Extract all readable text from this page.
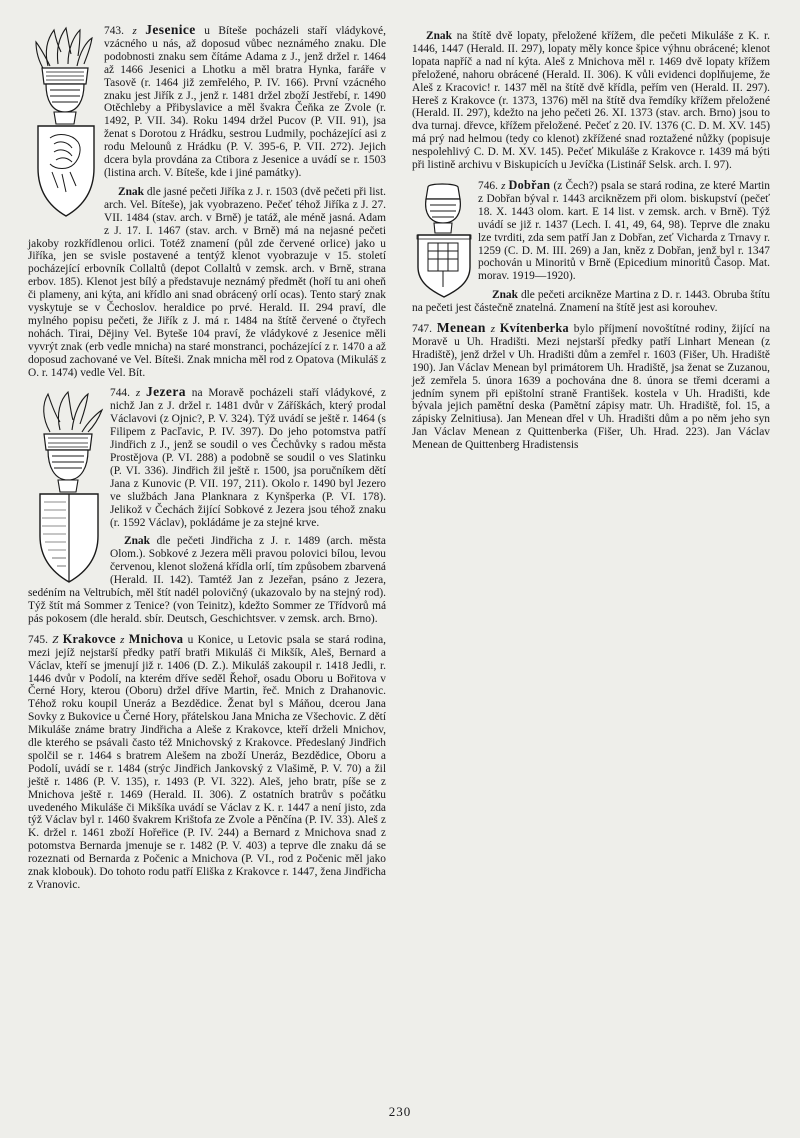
743. z Jesenice u Bíteše pocházeli staří vládykové, vzácného u nás, až doposud vůbec neznámého znaku. Dle podobnosti znaku sem čítáme Adama z J., jenž držel r. 1464 až 1466 Jesenici a Lhotku a měl bratra Hynka, faráře v Tasově (r. 1464 již zemřelého, P. IV. 166). První vzácného znaku jest Jiřík z J., jenž r. 1481 držel zboží Jestřebí, r. 1490 Otěchleby a Přibyslavice a měl švakra Čeňka ze Zvole (r. 1492, P. VII. 34). Roku 1494 držel Pucov (P. VII. 91), jsa ženat s Dorotou z Hrádku, sestrou Ludmily, pocházející asi z rodu Melounů z Hrádku (P. V. 395-6, P. VII. 272). Jejich dcera byla provdána za Ctibora z Jesenice a uvádí se r. 1503 (listina arch. V. Bíteše, kde i jiné památky).

Znak dle jasné pečeti Jiříka z J. r. 1503 (dvě pečeti při list. arch. Vel. Bíteše), jak vyobrazeno. Pečeť téhož Jiříka z J. 27. VII. 1484 (stav. arch. v Brně) je tatáž, ale méně jasná. Adam z J. 17. I. 1467 (stav. arch. v Brně) má na nejasné pečeti jakoby rozkřídlenou orlici. Totéž znamení (půl zde červené orlice) jako u Jiříka, jen se svisle postavené a tentýž klenot vyobrazuje v 15. století pocházející erbovník Collaltů (depot Collaltů v zemsk. arch. v Brně, strana erbov. 185). Klenot jest bílý a představuje neznámý předmět (hoří tu ani oheň či plameny, ani kýta, ani křídlo ani snad obrácený orlí ocas). Tento starý znak vyskytuje se v Čechoslov. heraldice po prvé. Herald. II. 294 praví, dle mylného popisu pečeti, že Jiřík z J. má r. 1484 na štítě červené o čtyřech nohách. Tirai, Dějiny Vel. Byteše 104 praví, že vládykové z Jesenice měli vyvrýt znak (erb vedle mnicha) na staré monstranci, pocházející z r. 1470 a až doposud zachované ve Vel. Bíteši. Znak mnicha měl rod z Opatova (Mikuláš z O. r. 1474) vedle Vel. Bít.

744. z Jezera na Moravě pocházeli staří vládykové, z nichž Jan z J. držel r. 1481 dvůr v Záříškách, který prodal Václavovi (z Ojnic?, P. V. 324). Týž uvádí se ještě r. 1464 (s Filipem z Pacľavic, P. IV. 397). Do jeho potomstva patří Jindřich z J., jenž se soudil o ves Čechůvky s radou města Prostějova (P. VI. 288) a podobně se soudil o ves Slatinku (P. VI. 336). Jindřich žil ještě r. 1500, jsa poručníkem dětí Jana z Kunovic (P. VII. 197, 211). Okolo r. 1490 byl Jezero ve službách Jana Planknara z Kynšperka (P. VI. 178). Jelikož v Čechách žijící Sobkové z Jezera jsou téhož znaku (r. 1592 Václav), pokládáme je za stejné krve.

Znak dle pečeti Jindřicha z J. r. 1489 (arch. města Olom.). Sobkové z Jezera měli pravou polovici bílou, levou červenou, klenot složená křídla orlí, tím způsobem zbarvená (Herald. II. 142). Tamtéž Jan z Jezeřan, psáno z Jezera, sedéním na Veltrubích, měl štít nadél polovičný (ukazovalo by na stejný rod). Týž štít má Sommer z Tenice? (von Teinitz), kdežto Sommer ze Třídvorů má pás pokosem (dle herald. sbír. Deutsch, Geschichtsver. v zemsk. arch. Brno).

745. Z Krakovce z Mnichova u Konice, u Letovic psala se stará rodina, mezi jejíž nejstarší předky patří bratři Mikuláš či Mikšík, Aleš, Bernard a Václav, kteří se jmenují již r. 1406 (D. Z.). Mikuláš zakoupil r. 1418 Jedli, r. 1446 dvůr v Podolí, na kterém dříve seděl Řehoř, osadu Oboru u Bořitova v Černé Hory, kterou (Oboru) držel dříve Martin, řeč. Mnich z Drahanovic. Téhož roku koupil Uneráz a Bezdědice. Ženat byl s Máňou, dcerou Jana Sovky z Bukovice u Černé Hory, přátelskou Jana Mnicha ze Všechovic. Z dětí Mikuláše známe bratry Jindřicha a Aleše z Krakovce, kteří drželi Mnichov, dle kterého se psávali často též Mnichovský z Krakovce. Předeslaný Jindřich spolčil se r. 1464 s bratrem Alešem na zboží Uneráz, Bezdědice, Oboru a Podolí, uvádí se r. 1484 (strýc Jindřich Jankovský z Vlašimě, P. V. 70) a žil ještě r. 1486 (P. V. 135), r. 1493 (P. VI. 322). Aleš, jeho bratr, píše se z Mnichova ještě r. 1469 (Herald. II. 306). Z ostatních bratrův s počátku uvedeného Mikuláše či Mikšíka uvádí se Václav z K. r. 1447 a není jisto, zda týž Václav byl r. 1460 švakrem Krištofa ze Zvole a Pěnčína (P. IV. 33). Aleš z K. držel r. 1461 zboží Hořeřice (P. IV. 244) a Bernard z Mnichova snad z potomstva Bernarda jmenuje se r. 1482 (P. V. 403) a teprve dle znaku dá se rozeznati od Bernarda z Počenic a Mnichova (P. VI., rod z Počenic měl jako znak klobouk). Do tohoto rodu patří Eliška z Krakovce r. 1447, žena Jindřicha z Vranovic.

Znak na štítě dvě lopaty, přeložené křížem, dle pečeti Mikuláše z K. r. 1446, 1447 (Herald. II. 297), lopaty měly konce špice výhnu obrácené; klenot lopata napříč a nad ní kýta. Aleš z Mnichova měl r. 1469 dvě lopaty křížem přeložené, nahoru obrácené (Herald. II. 306). K vůli evidenci doplňujeme, že Aleš z Kracovic! r. 1437 měl na štítě dvě křídla, peřím ven (Herald. II. 297). Hereš z Krakovce (r. 1373, 1376) měl na štítě dva řemdíky křížem přeložené (Herald. II. 297), kdežto na jeho pečeti 26. XI. 1373 (stav. arch. Brno) jsou to dva turnaj. dřevce, křížem přeložené. Pečeť z 20. IV. 1376 (C. D. M. XV. 145) má prý nad helmou (tedy co klenot) zkřížené snad roztažené nůžky (popisuje nespolehlivý C. D. M. XV. 145). Pečeť Mikuláše z Krakovce r. 1439 má býti při listině archivu v Biskupicích u Jevíčka (Listinář Selsk. arch. I. 97).

746. z Dobřan (z Čech?) psala se stará rodina, ze které Martin z Dobřan býval r. 1443 arciknězem při olom. biskupství (pečeť 18. X. 1443 olom. kart. E 14 list. v zemsk. arch. v Brně). Týž uvádí se již r. 1437 (Lech. I. 41, 49, 64, 98). Teprve dle znaku lze tvrditi, zda sem patří Jan z Dobřan, zeť Vicharda z Trnavy r. 1259 (C. D. M. III. 269) a Jan, kněz z Dobřan, jenž byl r. 1347 pochován u Minoritů v Brně (Epicedium minoritů Časop. Mat. morav. 1919—1920).

Znak dle pečeti arcikněze Martina z D. r. 1443. Obruba štítu na pečeti jest částečně znatelná. Znamení na štítě jest asi korouhev.

747. Menean z Kvítenberka bylo příjmení novoštítné rodiny, žijící na Moravě u Uh. Hradišti. Mezi nejstarší předky patří Linhart Menean (z Hradiště), jenž držel v Uh. Hradišti dům a zemřel r. 1603 (Fišer, Uh. Hradiště 190). Jan Václav Menean byl primátorem Uh. Hradiště, jsa ženat se Zuzanou, jež zemřela 5. února 1639 a pochována dne 8. února se třemi dcerami a jedním synem při epištolní straně František. kostela v Uh. Hradišti, kde bývala jejich pamětní deska (Pamětní zápisy matr. Uh. Hradiště, fol. 15, a zápisky Zelnitiusa). Jan Menean dřel v Uh. Hradišti dům a po něm jeho syn Jan Václav Menean z Quittenberka (Fišer, Uh. Hrad. 223). Jan Václav Menean de Quittenberg Hradistensis

230
